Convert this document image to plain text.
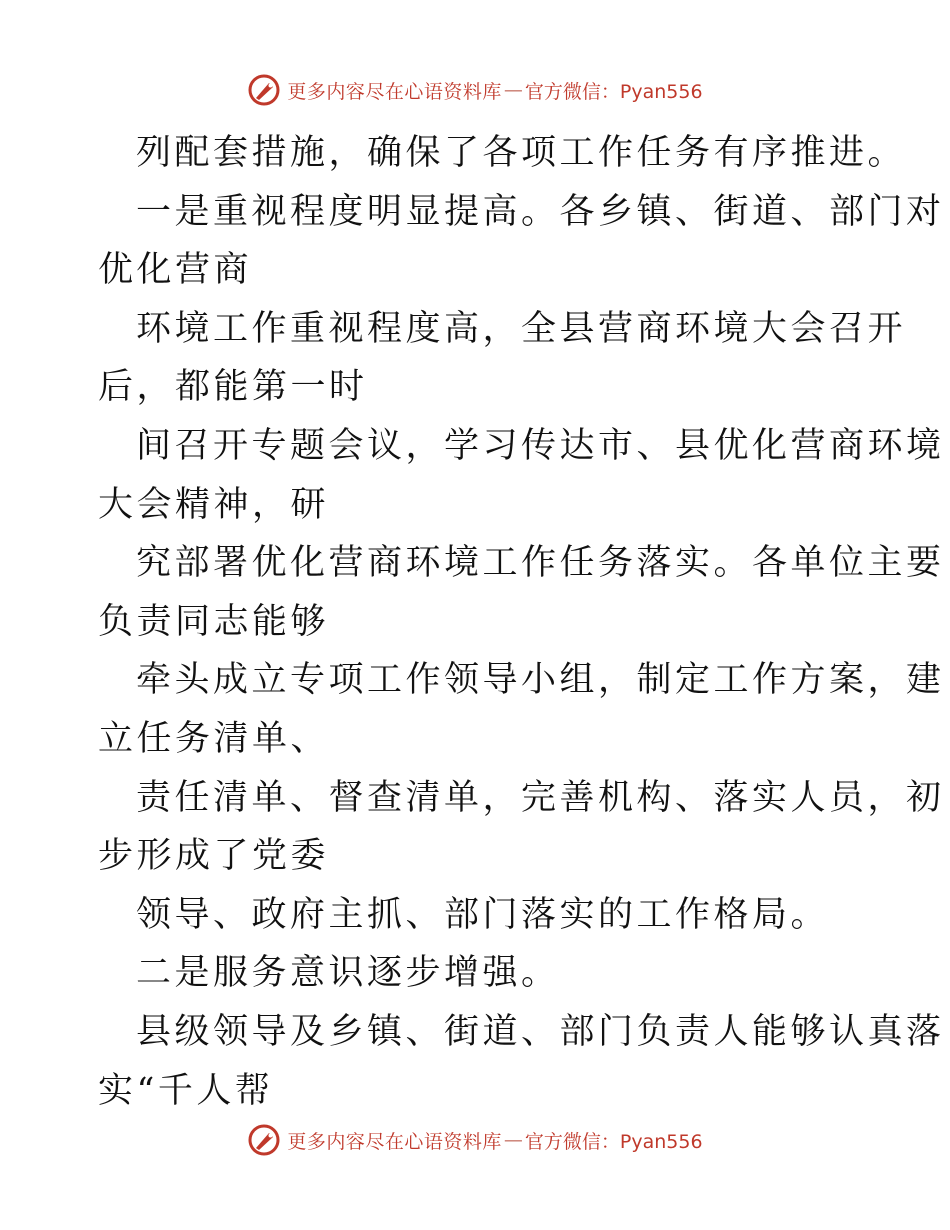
更多内容尽在心语资料库 — 官方微信：Pyan556
列配套措施，确保了各项工作任务有序推进。
一是重视程度明显提高。各乡镇、街道、部门对
优化营商
环境工作重视程度高，全县营商环境大会召开
后，都能第一时
间召开专题会议，学习传达市、县优化营商环境
大会精神，研
究部署优化营商环境工作任务落实。各单位主要
负责同志能够
牵头成立专项工作领导小组，制定工作方案，建
立任务清单、
责任清单、督查清单，完善机构、落实人员，初
步形成了党委
领导、政府主抓、部门落实的工作格局。
二是服务意识逐步增强。
县级领导及乡镇、街道、部门负责人能够认真落
实“千人帮
更多内容尽在心语资料库 — 官方微信：Pyan556
